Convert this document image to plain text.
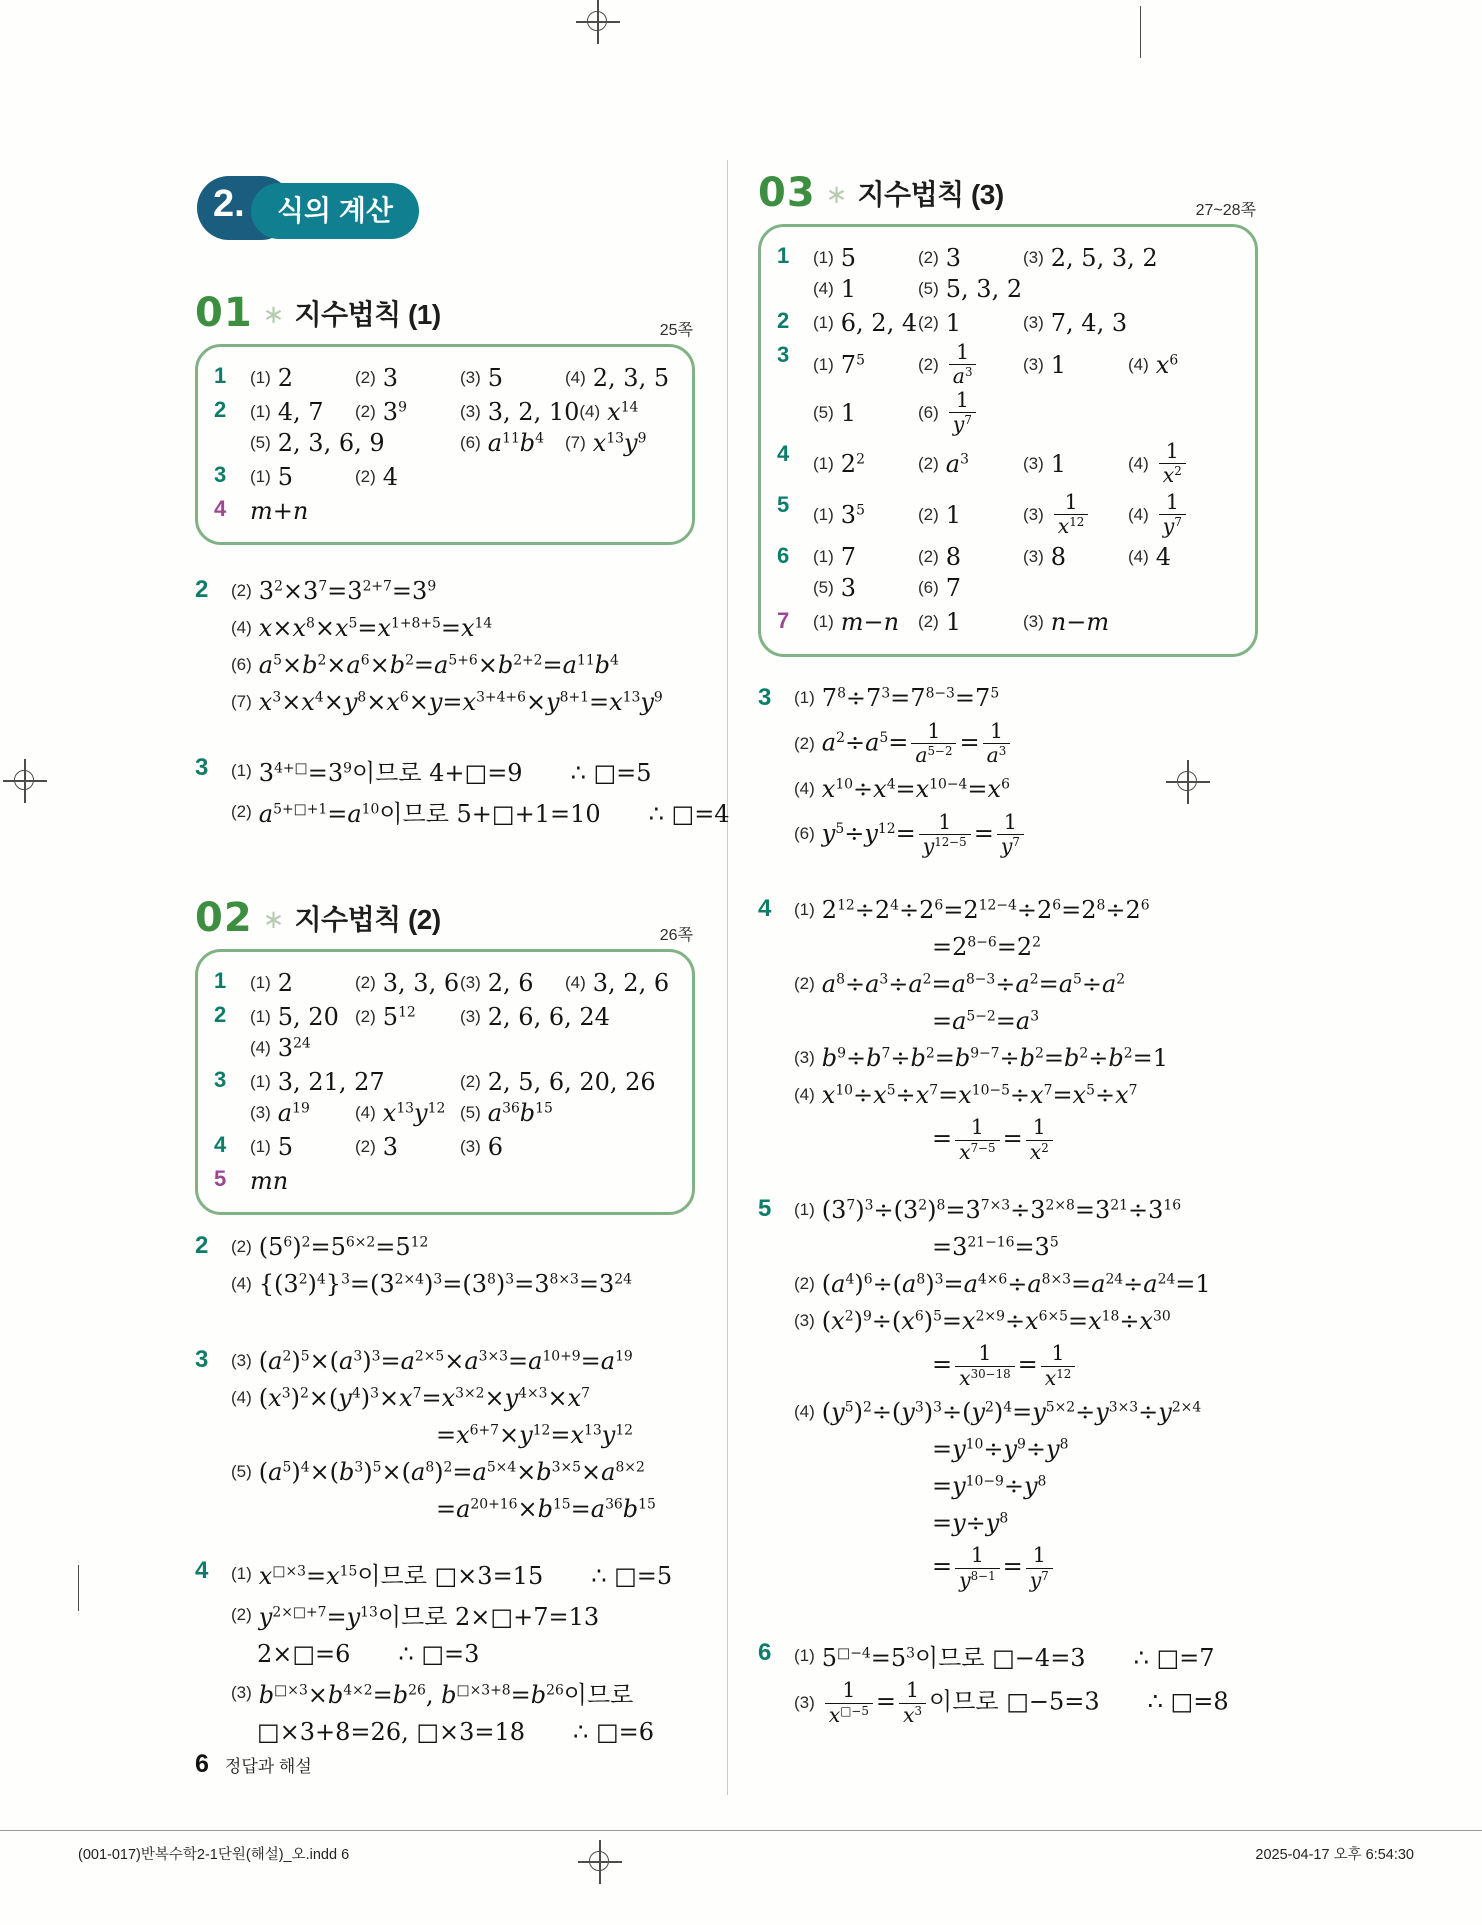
식의 계산
2.
01 ∗ 지수법칙 (1)
25쪽
1	(1) 2	(2) 3	(3) 5	(4) 2, 3, 5
2	(1) 4, 7 (2) $3^9$	(3) 3, 2, 10 (4) $x^{14}$
(5) 2, 3, 6, 9	(6) $a^{11}b^4$ (7) $x^{13}y^9$
3	(1) 5	(2) 4
4 m+n
2	(2) $3^2\times 3^7=3^{2+7}=3^9$
(4) $x\times x^8\times x^5=x^{1+8+5}=x^{14}$
(6) $a^5\times b^2\times a^6\times b^2=a^{5+6}\times b^{2+2}=a^{11}b^4$
(7) $x^3\times x^4\times y^8\times x^6\times y=x^{3+4+6}\times y^{8+1}=x^{13}y^9$
3	(1) $3^{4+□}=3^9$이므로 4+□=9  ∴ □=5
(2) $a^{5+□+1}=a^{10}$이므로 5+□+1=10  ∴ □=4
02 ∗ 지수법칙 (2)
26쪽
1	(1) 2	(2) 3, 3, 6 (3) 2, 6 (4) 3, 2, 6
2	(1) 5, 20 (2) $5^{12}$	(3) 2, 6, 6, 24
(4) $3^{24}$
3	(1) 3, 21, 27	(2) 2, 5, 6, 20, 26
(3) $a^{19}$	(4) $x^{13}y^{12}$ (5) $a^{36}b^{15}$
4	(1) 5	(2) 3	(3) 6
5 mn
2	(2) $(5^6)^2=5^{6\times 2}=5^{12}$
(4) $\{(3^2)^4\}^3=(3^{2\times 4})^3=(3^8)^3=3^{8\times 3}=3^{24}$
3	(3) $(a^2)^5\times(a^3)^3=a^{2\times 5}\times a^{3\times 3}=a^{10+9}=a^{19}$
(4) $(x^3)^2\times(y^4)^3\times x^7=x^{3\times 2}\times y^{4\times 3}\times x^7$
$=x^{6+7}\times y^{12}=x^{13}y^{12}$
(5) $(a^5)^4\times(b^3)^5\times(a^8)^2=a^{5\times 4}\times b^{3\times 5}\times a^{8\times 2}$
$=a^{20+16}\times b^{15}=a^{36}b^{15}$
4	(1) $x^{□\times 3}=x^{15}$이므로 □×3=15  ∴ □=5
(2) $y^{2\times□+7}=y^{13}$이므로 2×□+7=13
2×□=6  ∴ □=3
(3) $b^{□\times 3}\times b^{4\times 2}=b^{26}$, $b^{□\times 3+8}=b^{26}$이므로
□×3+8=26, □×3=18  ∴ □=6
03 ∗ 지수법칙 (3)
27~28쪽
1	(1) 5	(2) 3	(3) 2, 5, 3, 2
(4) 1	(5) 5, 3, 2
2	(1) 6, 2, 4 (2) 1	(3) 7, 4, 3
3	(1) $7^5$	$(2) \frac{1}{a^3}$	(3) 1	(4) $x^6$
(5) 1	$(6) \frac{1}{y^7}$
4	(1) $2^2$	(2) $a^3$	(3) 1	$(4) \frac{1}{x^2}$
5	(1) $3^5$	(2) 1	$(3) \frac{1}{x^{12}} (4) \frac{1}{y^7}$
6	(1) 7	(2) 8	(3) 8	(4) 4
(5) 3	(6) 7
7	(1) m−n (2) 1	(3) n−m
3	(1) $7^8\div 7^3=7^{8-3}=7^5$
(2) $a^2\div a^5= \frac{1}{a^{5-2}} = \frac{1}{a^3}$
(4) $x^{10}\div x^4=x^{10-4}=x^6$
(6) $y^5\div y^{12}= \frac{1}{y^{12-5}} = \frac{1}{y^7}$
4	(1) $2^{12}\div 2^4\div 2^6=2^{12-4}\div 2^6=2^8\div 2^6$
$=2^{8-6}=2^2$
(2) $a^8\div a^3\div a^2=a^{8-3}\div a^2=a^5\div a^2$
$=a^{5-2}=a^3$
(3) $b^9\div b^7\div b^2=b^{9-7}\div b^2=b^2\div b^2=1$
(4) $x^{10}\div x^5\div x^7=x^{10-5}\div x^7=x^5\div x^7$
= $\frac{1}{x^{7-5}} = \frac{1}{x^2}$
5	(1) $(3^7)^3\div(3^2)^8=3^{7\times 3}\div 3^{2\times 8}=3^{21}\div 3^{16}$
$=3^{21-16}=3^5$
(2) $(a^4)^6\div(a^8)^3=a^{4\times 6}\div a^{8\times 3}=a^{24}\div a^{24}=1$
(3) $(x^2)^9\div(x^6)^5=x^{2\times 9}\div x^{6\times 5}=x^{18}\div x^{30}$
= $\frac{1}{x^{30-18}} = \frac{1}{x^{12}}$
(4) $(y^5)^2\div(y^3)^3\div(y^2)^4=y^{5\times 2}\div y^{3\times 3}\div y^{2\times 4}$
$=y^{10}\div y^9\div y^8$
$=y^{10-9}\div y^8$
$=y\div y^8$
= $\frac{1}{y^{8-1}} = \frac{1}{y^7}$
6	(1) $5^{□-4}=5^3$이므로 □−4=3  ∴ □=7
$(3) \frac{1}{x^{□-5}} = \frac{1}{x^3}$ 이므로 □−5=3  ∴ □=8
6 정답과 해설
(001-017)반복수학2-1단원(해설)_오.indd 6	2025-04-17 오후 6:54:30
